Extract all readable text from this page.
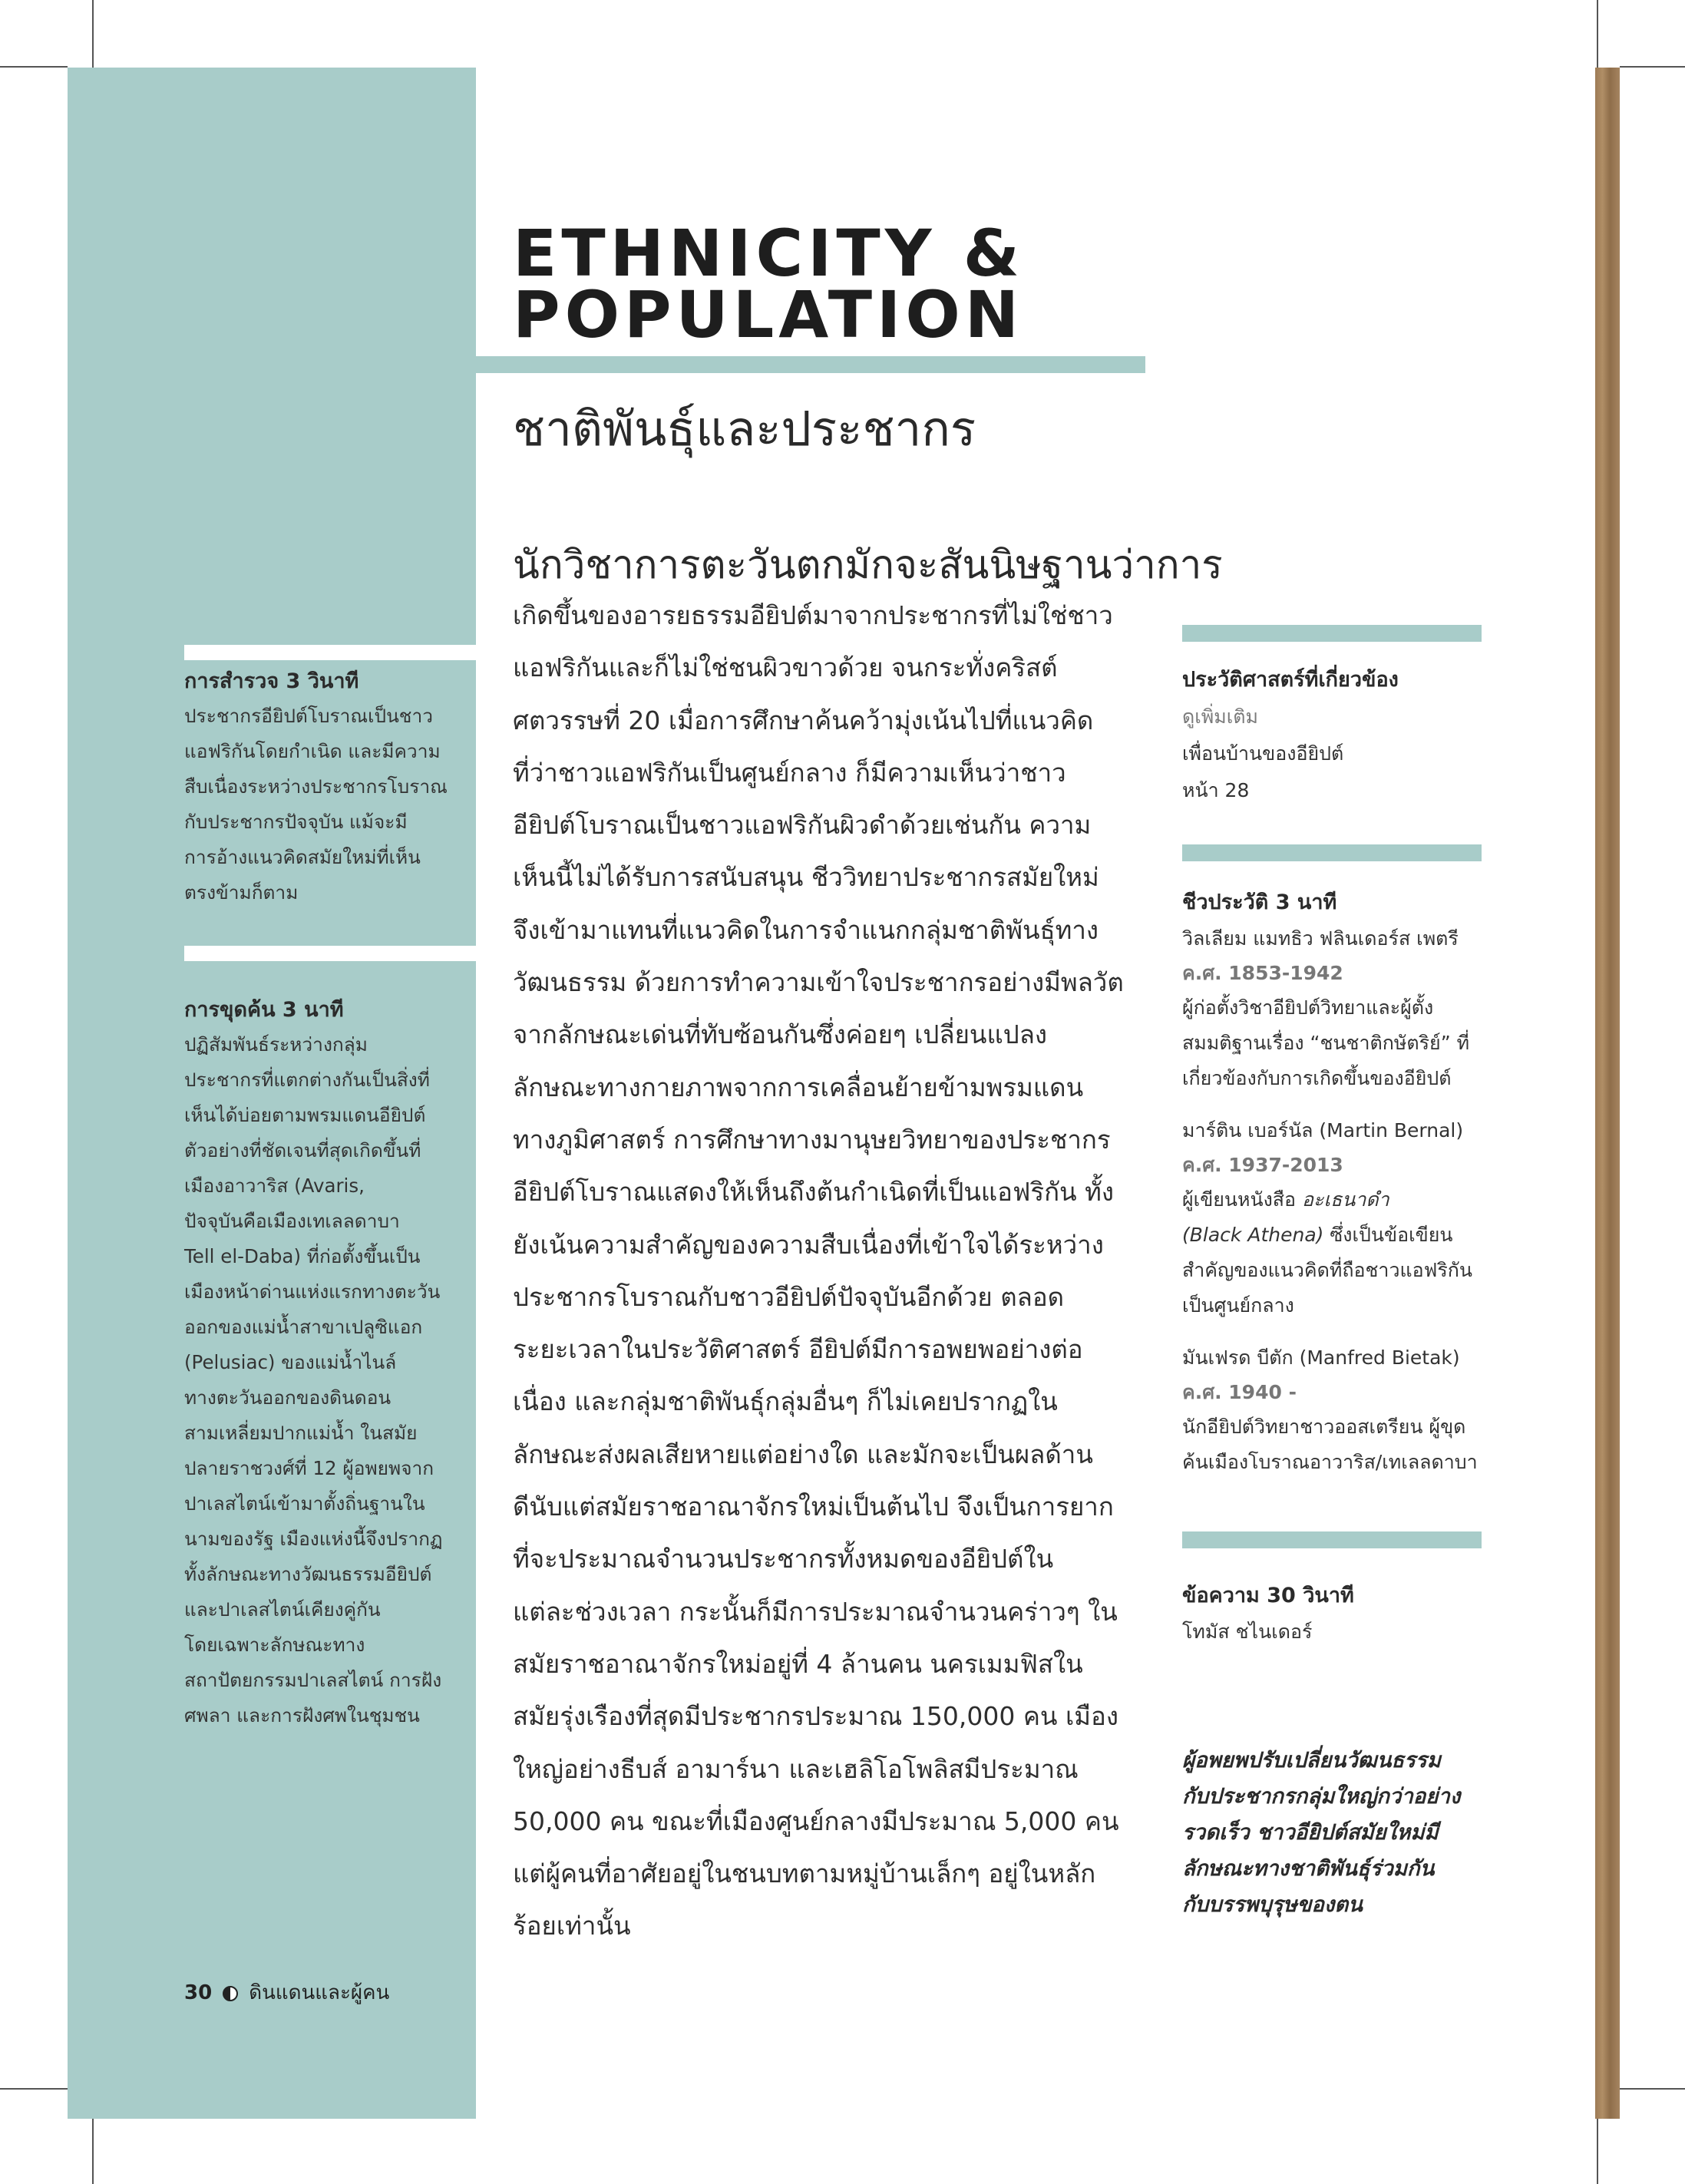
ETHNICITY &
POPULATION
ชาติพันธุ์และประชากร
นักวิชาการตะวันตกมักจะสันนิษฐานว่าการ
เกิดขึ้นของอารยธรรมอียิปต์มาจากประชากรที่ไม่ใช่ชาว
แอฟริกันและก็ไม่ใช่ชนผิวขาวด้วย จนกระทั่งคริสต์
ศตวรรษที่ 20 เมื่อการศึกษาค้นคว้ามุ่งเน้นไปที่แนวคิด
ที่ว่าชาวแอฟริกันเป็นศูนย์กลาง ก็มีความเห็นว่าชาว
อียิปต์โบราณเป็นชาวแอฟริกันผิวดำด้วยเช่นกัน ความ
เห็นนี้ไม่ได้รับการสนับสนุน ชีววิทยาประชากรสมัยใหม่
จึงเข้ามาแทนที่แนวคิดในการจำแนกกลุ่มชาติพันธุ์ทาง
วัฒนธรรม ด้วยการทำความเข้าใจประชากรอย่างมีพลวัต
จากลักษณะเด่นที่ทับซ้อนกันซึ่งค่อยๆ เปลี่ยนแปลง
ลักษณะทางกายภาพจากการเคลื่อนย้ายข้ามพรมแดน
ทางภูมิศาสตร์ การศึกษาทางมานุษยวิทยาของประชากร
อียิปต์โบราณแสดงให้เห็นถึงต้นกำเนิดที่เป็นแอฟริกัน ทั้ง
ยังเน้นความสำคัญของความสืบเนื่องที่เข้าใจได้ระหว่าง
ประชากรโบราณกับชาวอียิปต์ปัจจุบันอีกด้วย ตลอด
ระยะเวลาในประวัติศาสตร์ อียิปต์มีการอพยพอย่างต่อ
เนื่อง และกลุ่มชาติพันธุ์กลุ่มอื่นๆ ก็ไม่เคยปรากฏใน
ลักษณะส่งผลเสียหายแต่อย่างใด และมักจะเป็นผลด้าน
ดีนับแต่สมัยราชอาณาจักรใหม่เป็นต้นไป จึงเป็นการยาก
ที่จะประมาณจำนวนประชากรทั้งหมดของอียิปต์ใน
แต่ละช่วงเวลา กระนั้นก็มีการประมาณจำนวนคร่าวๆ ใน
สมัยราชอาณาจักรใหม่อยู่ที่ 4 ล้านคน นครเมมฟิสใน
สมัยรุ่งเรืองที่สุดมีประชากรประมาณ 150,000 คน เมือง
ใหญ่อย่างธีบส์ อามาร์นา และเฮลิโอโพลิสมีประมาณ
50,000 คน ขณะที่เมืองศูนย์กลางมีประมาณ 5,000 คน
แต่ผู้คนที่อาศัยอยู่ในชนบทตามหมู่บ้านเล็กๆ อยู่ในหลัก
ร้อยเท่านั้น
การสำรวจ 3 วินาที
ประชากรอียิปต์โบราณเป็นชาว
แอฟริกันโดยกำเนิด และมีความ
สืบเนื่องระหว่างประชากรโบราณ
กับประชากรปัจจุบัน แม้จะมี
การอ้างแนวคิดสมัยใหม่ที่เห็น
ตรงข้ามก็ตาม
การขุดค้น 3 นาที
ปฏิสัมพันธ์ระหว่างกลุ่ม
ประชากรที่แตกต่างกันเป็นสิ่งที่
เห็นได้บ่อยตามพรมแดนอียิปต์
ตัวอย่างที่ชัดเจนที่สุดเกิดขึ้นที่
เมืองอาวาริส (Avaris,
ปัจจุบันคือเมืองเทเลลดาบา
Tell el-Daba) ที่ก่อตั้งขึ้นเป็น
เมืองหน้าด่านแห่งแรกทางตะวัน
ออกของแม่น้ำสาขาเปลูซิแอก
(Pelusiac) ของแม่น้ำไนล์
ทางตะวันออกของดินดอน
สามเหลี่ยมปากแม่น้ำ ในสมัย
ปลายราชวงศ์ที่ 12 ผู้อพยพจาก
ปาเลสไตน์เข้ามาตั้งถิ่นฐานใน
นามของรัฐ เมืองแห่งนี้จึงปรากฏ
ทั้งลักษณะทางวัฒนธรรมอียิปต์
และปาเลสไตน์เคียงคู่กัน
โดยเฉพาะลักษณะทาง
สถาปัตยกรรมปาเลสไตน์ การฝัง
ศพลา และการฝังศพในชุมชน
ประวัติศาสตร์ที่เกี่ยวข้อง
ดูเพิ่มเติม
เพื่อนบ้านของอียิปต์
หน้า 28
ชีวประวัติ 3 นาที
วิลเลียม แมทธิว ฟลินเดอร์ส เพตรี
ค.ศ. 1853-1942
ผู้ก่อตั้งวิชาอียิปต์วิทยาและผู้ตั้ง
สมมติฐานเรื่อง “ชนชาติกษัตริย์” ที่
เกี่ยวข้องกับการเกิดขึ้นของอียิปต์
มาร์ติน เบอร์นัล (Martin Bernal)
ค.ศ. 1937-2013
ผู้เขียนหนังสือ อะเธนาดำ
(Black Athena) ซึ่งเป็นข้อเขียน
สำคัญของแนวคิดที่ถือชาวแอฟริกัน
เป็นศูนย์กลาง
มันเฟรด บีตัก (Manfred Bietak)
ค.ศ. 1940 -
นักอียิปต์วิทยาชาวออสเตรียน ผู้ขุด
ค้นเมืองโบราณอาวาริส/เทเลลดาบา
ข้อความ 30 วินาที
โทมัส ชไนเดอร์
ผู้อพยพปรับเปลี่ยนวัฒนธรรม
กับประชากรกลุ่มใหญ่กว่าอย่าง
รวดเร็ว ชาวอียิปต์สมัยใหม่มี
ลักษณะทางชาติพันธุ์ร่วมกัน
กับบรรพบุรุษของตน
30 ดินแดนและผู้คน
